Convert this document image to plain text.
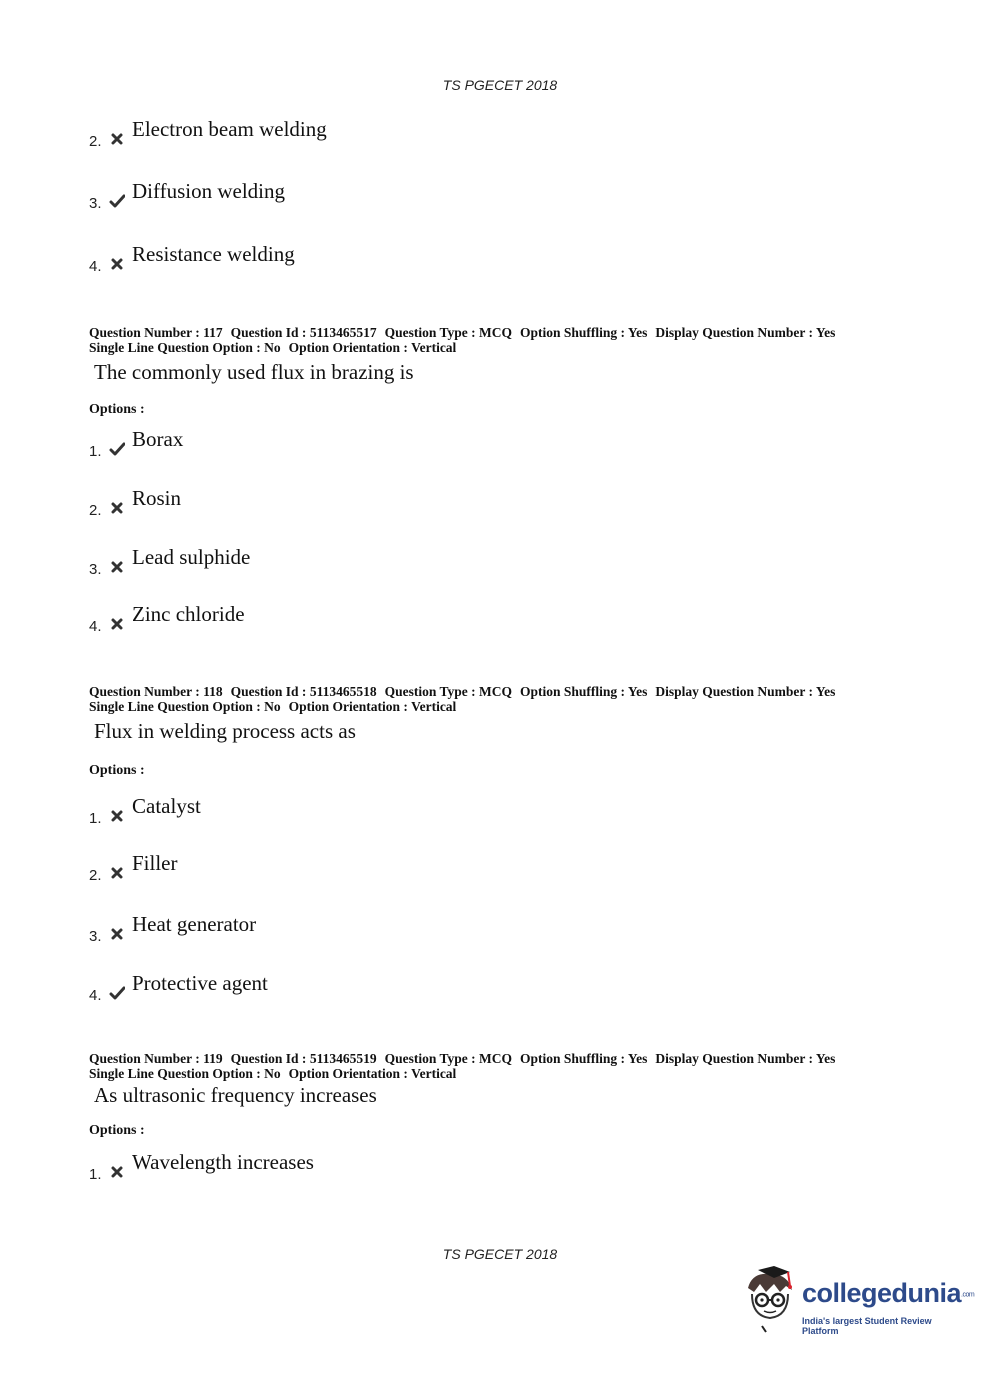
TS PGECET 2018
2.
Electron beam welding
3.
Diffusion welding
4.
Resistance welding
Question Number : 117 Question Id : 5113465517 Question Type : MCQ Option Shuffling : Yes Display Question Number : Yes
Single Line Question Option : No Option Orientation : Vertical
The commonly used flux in brazing is
Options :
1.
Borax
2.
Rosin
3.
Lead sulphide
4.
Zinc chloride
Question Number : 118 Question Id : 5113465518 Question Type : MCQ Option Shuffling : Yes Display Question Number : Yes
Single Line Question Option : No Option Orientation : Vertical
Flux in welding process acts as
Options :
1.
Catalyst
2.
Filler
3.
Heat generator
4.
Protective agent
Question Number : 119 Question Id : 5113465519 Question Type : MCQ Option Shuffling : Yes Display Question Number : Yes
Single Line Question Option : No Option Orientation : Vertical
As ultrasonic frequency increases
Options :
1.
Wavelength increases
TS PGECET 2018
collegedunia.com
India's largest Student Review Platform
